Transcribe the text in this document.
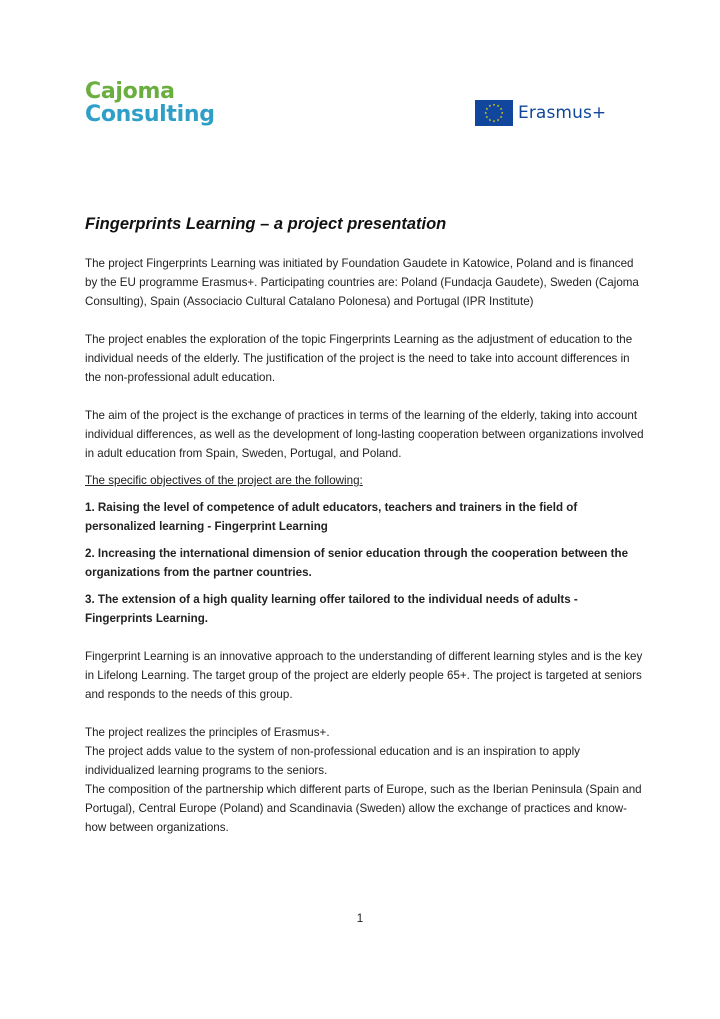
Cajoma
Consulting	Erasmus+
Fingerprints Learning – a project presentation

The project Fingerprints Learning was initiated by Foundation Gaudete in Katowice, Poland and is financed by the EU programme Erasmus+. Participating countries are: Poland (Fundacja Gaudete), Sweden (Cajoma Consulting), Spain (Associacio Cultural Catalano Polonesa) and Portugal (IPR Institute)

The project enables the exploration of the topic Fingerprints Learning as the adjustment of education to the individual needs of the elderly. The justification of the project is the need to take into account differences in the non-professional adult education.

The aim of the project is the exchange of practices in terms of the learning of the elderly, taking into account individual differences, as well as the development of long-lasting cooperation between organizations involved in adult education from Spain, Sweden, Portugal, and Poland.

The specific objectives of the project are the following:

1. Raising the level of competence of adult educators, teachers and trainers in the field of personalized learning - Fingerprint Learning

2. Increasing the international dimension of senior education through the cooperation between the organizations from the partner countries.

3. The extension of a high quality learning offer tailored to the individual needs of adults - Fingerprints Learning.

Fingerprint Learning is an innovative approach to the understanding of different learning styles and is the key in Lifelong Learning. The target group of the project are elderly people 65+. The project is targeted at seniors and responds to the needs of this group.

The project realizes the principles of Erasmus+.

The project adds value to the system of non-professional education and is an inspiration to apply individualized learning programs to the seniors.

The composition of the partnership which different parts of Europe, such as the Iberian Peninsula (Spain and Portugal), Central Europe (Poland) and Scandinavia (Sweden) allow the exchange of practices and know-how between organizations.

1
